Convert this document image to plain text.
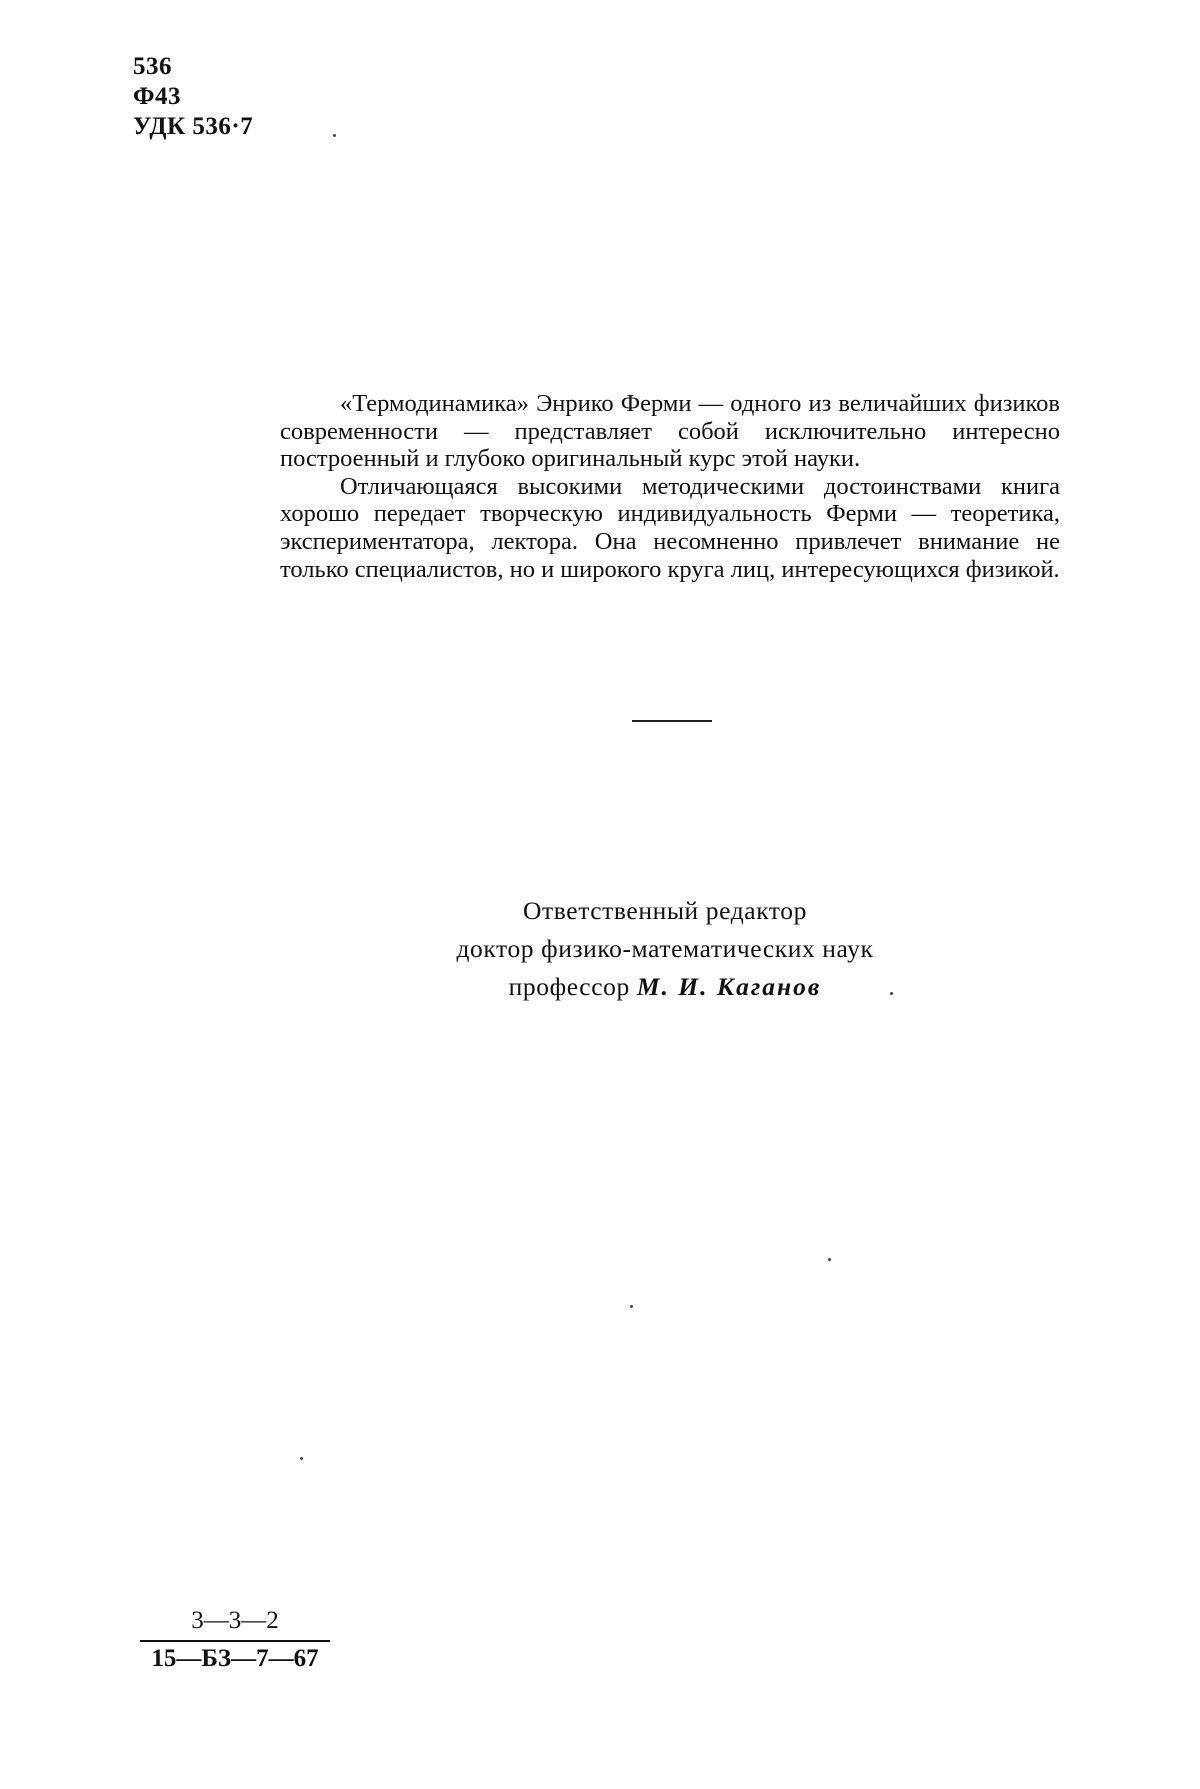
536
Ф43
УДК 536·7

«Термодинамика» Энрико Ферми — одного из величайших физиков современности — представляет собой исключительно интересно построенный и глубоко оригинальный курс этой науки.

Отличающаяся высокими методическими достоинствами книга хорошо передает творческую индивидуальность Ферми — теоретика, экспериментатора, лектора. Она несомненно привлечет внимание не только специалистов, но и широкого круга лиц, интересующихся физикой.

Ответственный редактор
доктор физико-математических наук
профессор М. И. Каганов
3—3—2
15—БЗ—7—67
